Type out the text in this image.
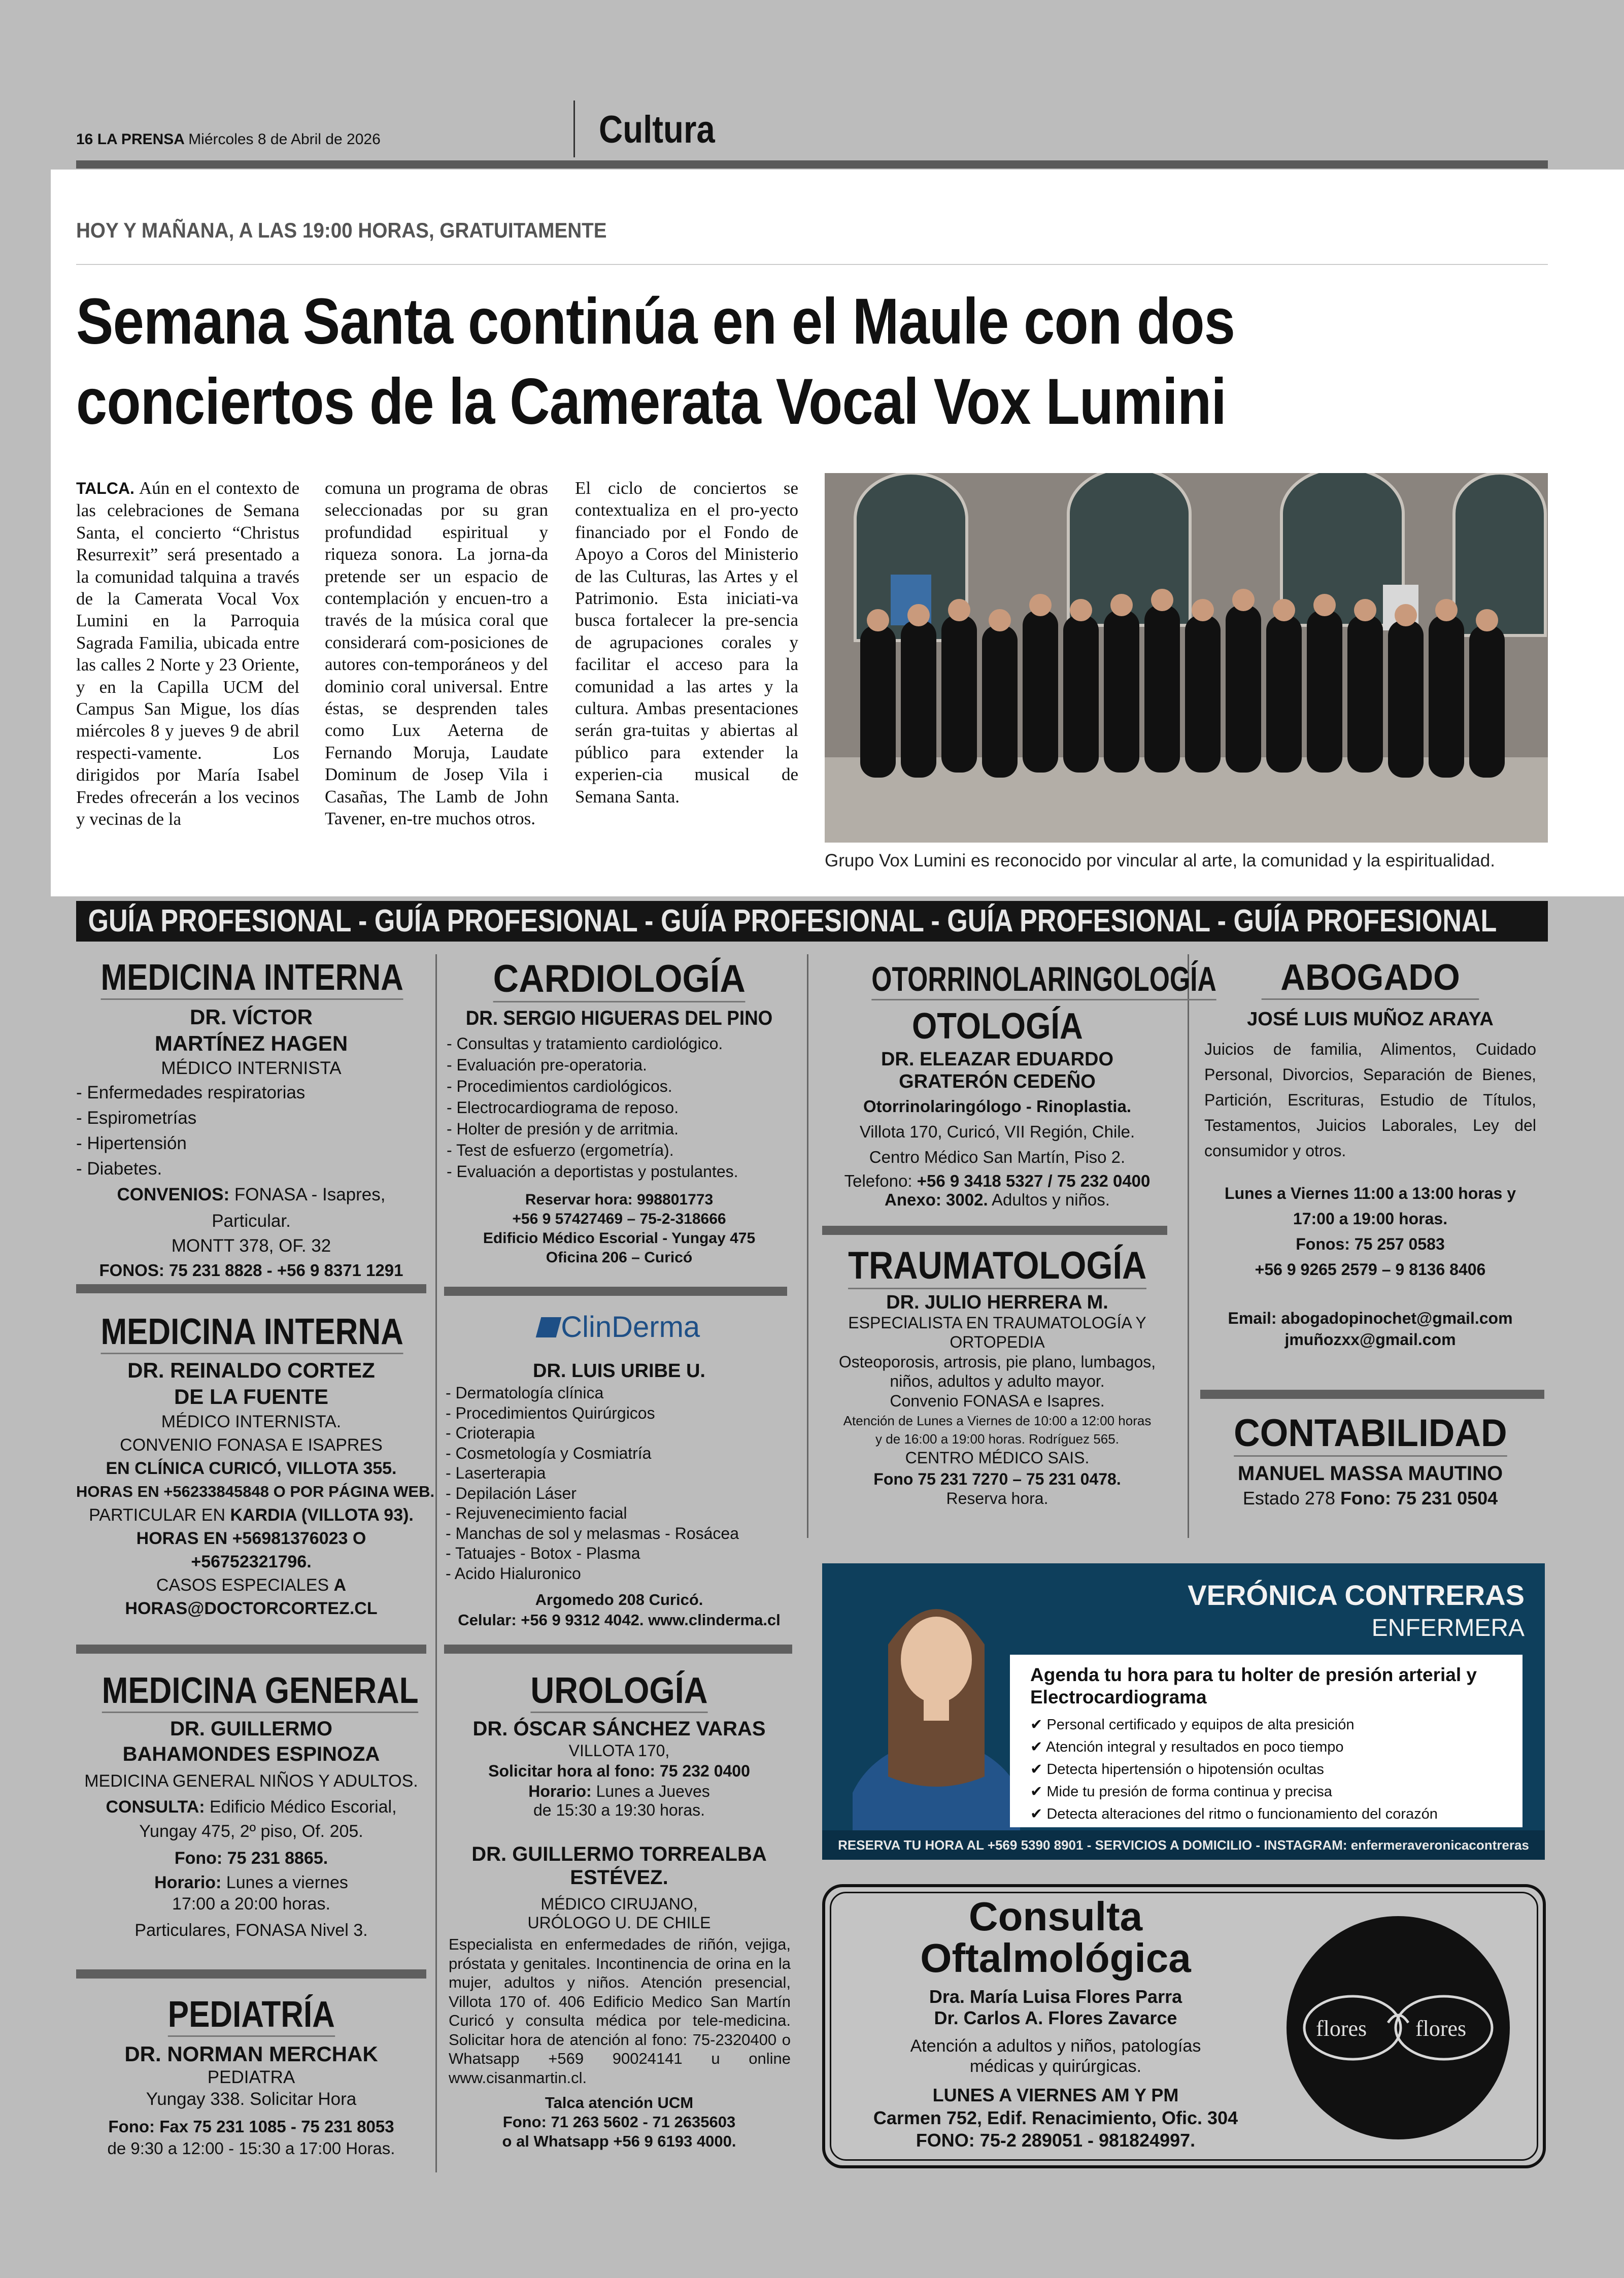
16 LA PRENSA Miércoles 8 de Abril de 2026	Cultura
HOY Y MAÑANA, A LAS 19:00 HORAS, GRATUITAMENTE
Semana Santa continúa en el Maule con dos
conciertos de la Camerata Vocal Vox Lumini
TALCA. Aún en el contexto de las celebraciones de Semana Santa, el concierto “Christus Resurrexit” será presentado a la comunidad talquina a través de la Camerata Vocal Vox Lumini en la Parroquia Sagrada Familia, ubicada entre las calles 2 Norte y 23 Oriente, y en la Capilla UCM del Campus San Migue, los días miércoles 8 y jueves 9 de abril respecti-vamente. Los dirigidos por María Isabel Fredes ofrecerán a los vecinos y vecinas de la
comuna un programa de obras seleccionadas por su gran profundidad espiritual y riqueza sonora. La jorna-da pretende ser un espacio de contemplación y encuen-tro a través de la música coral que considerará com-posiciones de autores con-temporáneos y del dominio coral universal. Entre éstas, se desprenden tales como Lux Aeterna de Fernando Moruja, Laudate Dominum de Josep Vila i Casañas, The Lamb de John Tavener, en-tre muchos otros.
El ciclo de conciertos se contextualiza en el pro-yecto financiado por el Fondo de Apoyo a Coros del Ministerio de las Culturas, las Artes y el Patrimonio. Esta iniciati-va busca fortalecer la pre-sencia de agrupaciones corales y facilitar el acceso para la comunidad a las artes y la cultura. Ambas presentaciones serán gra-tuitas y abiertas al público para extender la experien-cia musical de Semana Santa.
Grupo Vox Lumini es reconocido por vincular al arte, la comunidad y la espiritualidad.
GUÍA PROFESIONAL - GUÍA PROFESIONAL - GUÍA PROFESIONAL - GUÍA PROFESIONAL - GUÍA PROFESIONAL
MEDICINA INTERNA
DR. VÍCTOR
MARTÍNEZ HAGEN
MÉDICO INTERNISTA
- Enfermedades respiratorias
- Espirometrías
- Hipertensión
- Diabetes.
CONVENIOS: FONASA - Isapres, Particular.
MONTT 378, OF. 32
FONOS: 75 231 8828 - +56 9 8371 1291
MEDICINA INTERNA
DR. REINALDO CORTEZ
DE LA FUENTE
MÉDICO INTERNISTA.
CONVENIO FONASA E ISAPRES
EN CLÍNICA CURICÓ, VILLOTA 355.
HORAS EN +56233845848 O POR PÁGINA WEB.
PARTICULAR EN KARDIA (VILLOTA 93).
HORAS EN +56981376023 O
+56752321796.
CASOS ESPECIALES A
HORAS@DOCTORCORTEZ.CL
MEDICINA GENERAL
DR. GUILLERMO
BAHAMONDES ESPINOZA
MEDICINA GENERAL NIÑOS Y ADULTOS.
CONSULTA: Edificio Médico Escorial,
Yungay 475, 2º piso, Of. 205.
Fono: 75 231 8865.
Horario: Lunes a viernes
17:00 a 20:00 horas.
Particulares, FONASA Nivel 3.
PEDIATRÍA
DR. NORMAN MERCHAK
PEDIATRA
Yungay 338. Solicitar Hora
Fono: Fax 75 231 1085 - 75 231 8053
de 9:30 a 12:00 - 15:30 a 17:00 Horas.
CARDIOLOGÍA
DR. SERGIO HIGUERAS DEL PINO
- Consultas y tratamiento cardiológico.
- Evaluación pre-operatoria.
- Procedimientos cardiológicos.
- Electrocardiograma de reposo.
- Holter de presión y de arritmia.
- Test de esfuerzo (ergometría).
- Evaluación a deportistas y postulantes.
Reservar hora: 998801773
+56 9 57427469 – 75-2-318666
Edificio Médico Escorial - Yungay 475
Oficina 206 – Curicó
ClinDerma
DR. LUIS URIBE U.
- Dermatología clínica
- Procedimientos Quirúrgicos
- Crioterapia
- Cosmetología y Cosmiatría
- Laserterapia
- Depilación Láser
- Rejuvenecimiento facial
- Manchas de sol y melasmas - Rosácea
- Tatuajes - Botox - Plasma
- Acido Hialuronico
Argomedo 208 Curicó.
Celular: +56 9 9312 4042. www.clinderma.cl
UROLOGÍA
DR. ÓSCAR SÁNCHEZ VARAS
VILLOTA 170,
Solicitar hora al fono: 75 232 0400
Horario: Lunes a Jueves
de 15:30 a 19:30 horas.
DR. GUILLERMO TORREALBA
ESTÉVEZ.
MÉDICO CIRUJANO,
URÓLOGO U. DE CHILE
Especialista en enfermedades de riñón, vejiga, próstata y genitales. Incontinencia de orina en la mujer, adultos y niños. Atención presencial, Villota 170 of. 406 Edificio Medico San Martín Curicó y consulta médica por tele-medicina. Solicitar hora de atención al fono: 75-2320400 o Whatsapp +569 90024141 u online www.cisanmartin.cl.
Talca atención UCM
Fono: 71 263 5602 - 71 2635603
o al Whatsapp +56 9 6193 4000.
OTORRINOLARINGOLOGÍA
OTOLOGÍA
DR. ELEAZAR EDUARDO
GRATERÓN CEDEÑO
Otorrinolaringólogo - Rinoplastia.
Villota 170, Curicó, VII Región, Chile.
Centro Médico San Martín, Piso 2.
Telefono: +56 9 3418 5327 / 75 232 0400
Anexo: 3002. Adultos y niños.
TRAUMATOLOGÍA
DR. JULIO HERRERA M.
ESPECIALISTA EN TRAUMATOLOGÍA Y
ORTOPEDIA
Osteoporosis, artrosis, pie plano, lumbagos,
niños, adultos y adulto mayor.
Convenio FONASA e Isapres.
Atención de Lunes a Viernes de 10:00 a 12:00 horas
y de 16:00 a 19:00 horas. Rodríguez 565.
CENTRO MÉDICO SAIS.
Fono 75 231 7270 – 75 231 0478.
Reserva hora.
ABOGADO
JOSÉ LUIS MUÑOZ ARAYA
Juicios de familia, Alimentos, Cuidado Personal, Divorcios, Separación de Bienes, Partición, Escrituras, Estudio de Títulos, Testamentos, Juicios Laborales, Ley del consumidor y otros.
Lunes a Viernes 11:00 a 13:00 horas y
17:00 a 19:00 horas.
Fonos: 75 257 0583
+56 9 9265 2579 – 9 8136 8406
Email: abogadopinochet@gmail.com
jmuñozxx@gmail.com
CONTABILIDAD
MANUEL MASSA MAUTINO
Estado 278 Fono: 75 231 0504
VERÓNICA CONTRERAS
ENFERMERA
Agenda tu hora para tu holter de presión arterial y Electrocardiograma
✔ Personal certificado y equipos de alta presición
✔ Atención integral y resultados en poco tiempo
✔ Detecta hipertensión o hipotensión ocultas
✔ Mide tu presión de forma continua y precisa
✔ Detecta alteraciones del ritmo o funcionamiento del corazón
RESERVA TU HORA AL +569 5390 8901 - SERVICIOS A DOMICILIO - INSTAGRAM: enfermeraveronicacontreras
Consulta
Oftalmológica
Dra. María Luisa Flores Parra
Dr. Carlos A. Flores Zavarce
Atención a adultos y niños, patologías
médicas y quirúrgicas.
LUNES A VIERNES AM Y PM
Carmen 752, Edif. Renacimiento, Ofic. 304
FONO: 75-2 289051 - 981824997.
flores flores
